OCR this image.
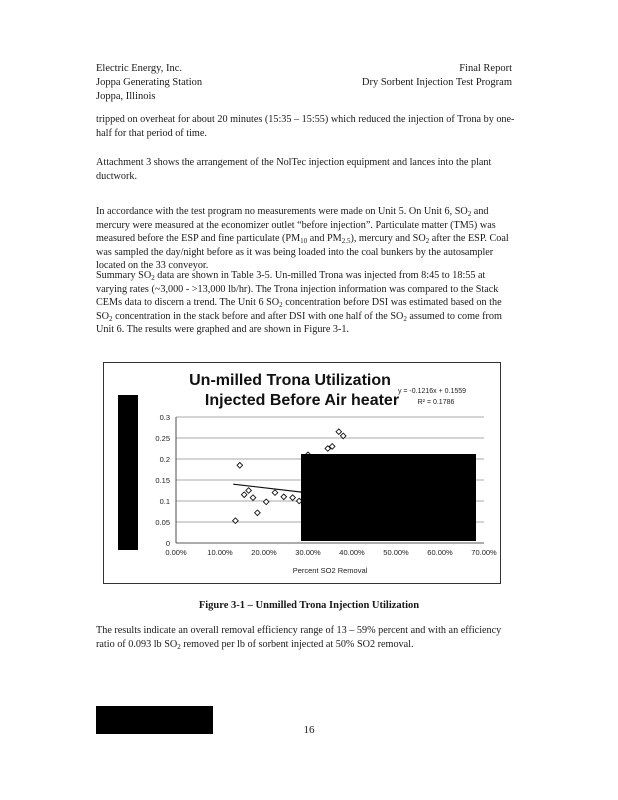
Electric Energy, Inc.
Joppa Generating Station
Joppa, Illinois
Final Report
Dry Sorbent Injection Test Program
tripped on overheat for about 20 minutes (15:35 – 15:55) which reduced the injection of Trona by one-half for that period of time.
Attachment 3 shows the arrangement of the NolTec injection equipment and lances into the plant ductwork.
In accordance with the test program no measurements were made on Unit 5. On Unit 6, $SO_2$ and mercury were measured at the economizer outlet “before injection”. Particulate matter (TM5) was measured before the ESP and fine particulate ($PM_{10}$ and $PM_{2.5}$), mercury and $SO_2$ after the ESP. Coal was sampled the day/night before as it was being loaded into the coal bunkers by the autosampler located on the 33 conveyor.
Summary $SO_2$ data are shown in Table 3-5. Un-milled Trona was injected from 8:45 to 18:55 at varying rates (~3,000 - >13,000 lb/hr). The Trona injection information was compared to the Stack CEMs data to discern a trend. The Unit 6 $SO_2$ concentration before DSI was estimated based on the $SO_2$ concentration in the stack before and after DSI with one half of the $SO_2$ assumed to come from Unit 6. The results were graphed and are shown in Figure 3-1.
Un-milled Trona Utilization
Injected Before Air heater
y = -0.1216x + 0.1559
R² = 0.1786
0
0.05
0.1
0.15
0.2
0.25
0.3
0.00%	10.00% 20.00% 30.00% 40.00% 50.00% 60.00% 70.00%
Percent SO2 Removal
Figure 3-1 – Unmilled Trona Injection Utilization
The results indicate an overall removal efficiency range of 13 – 59% percent and with an efficiency ratio of 0.093 lb $SO_2$ removed per lb of sorbent injected at 50% SO2 removal.
16
